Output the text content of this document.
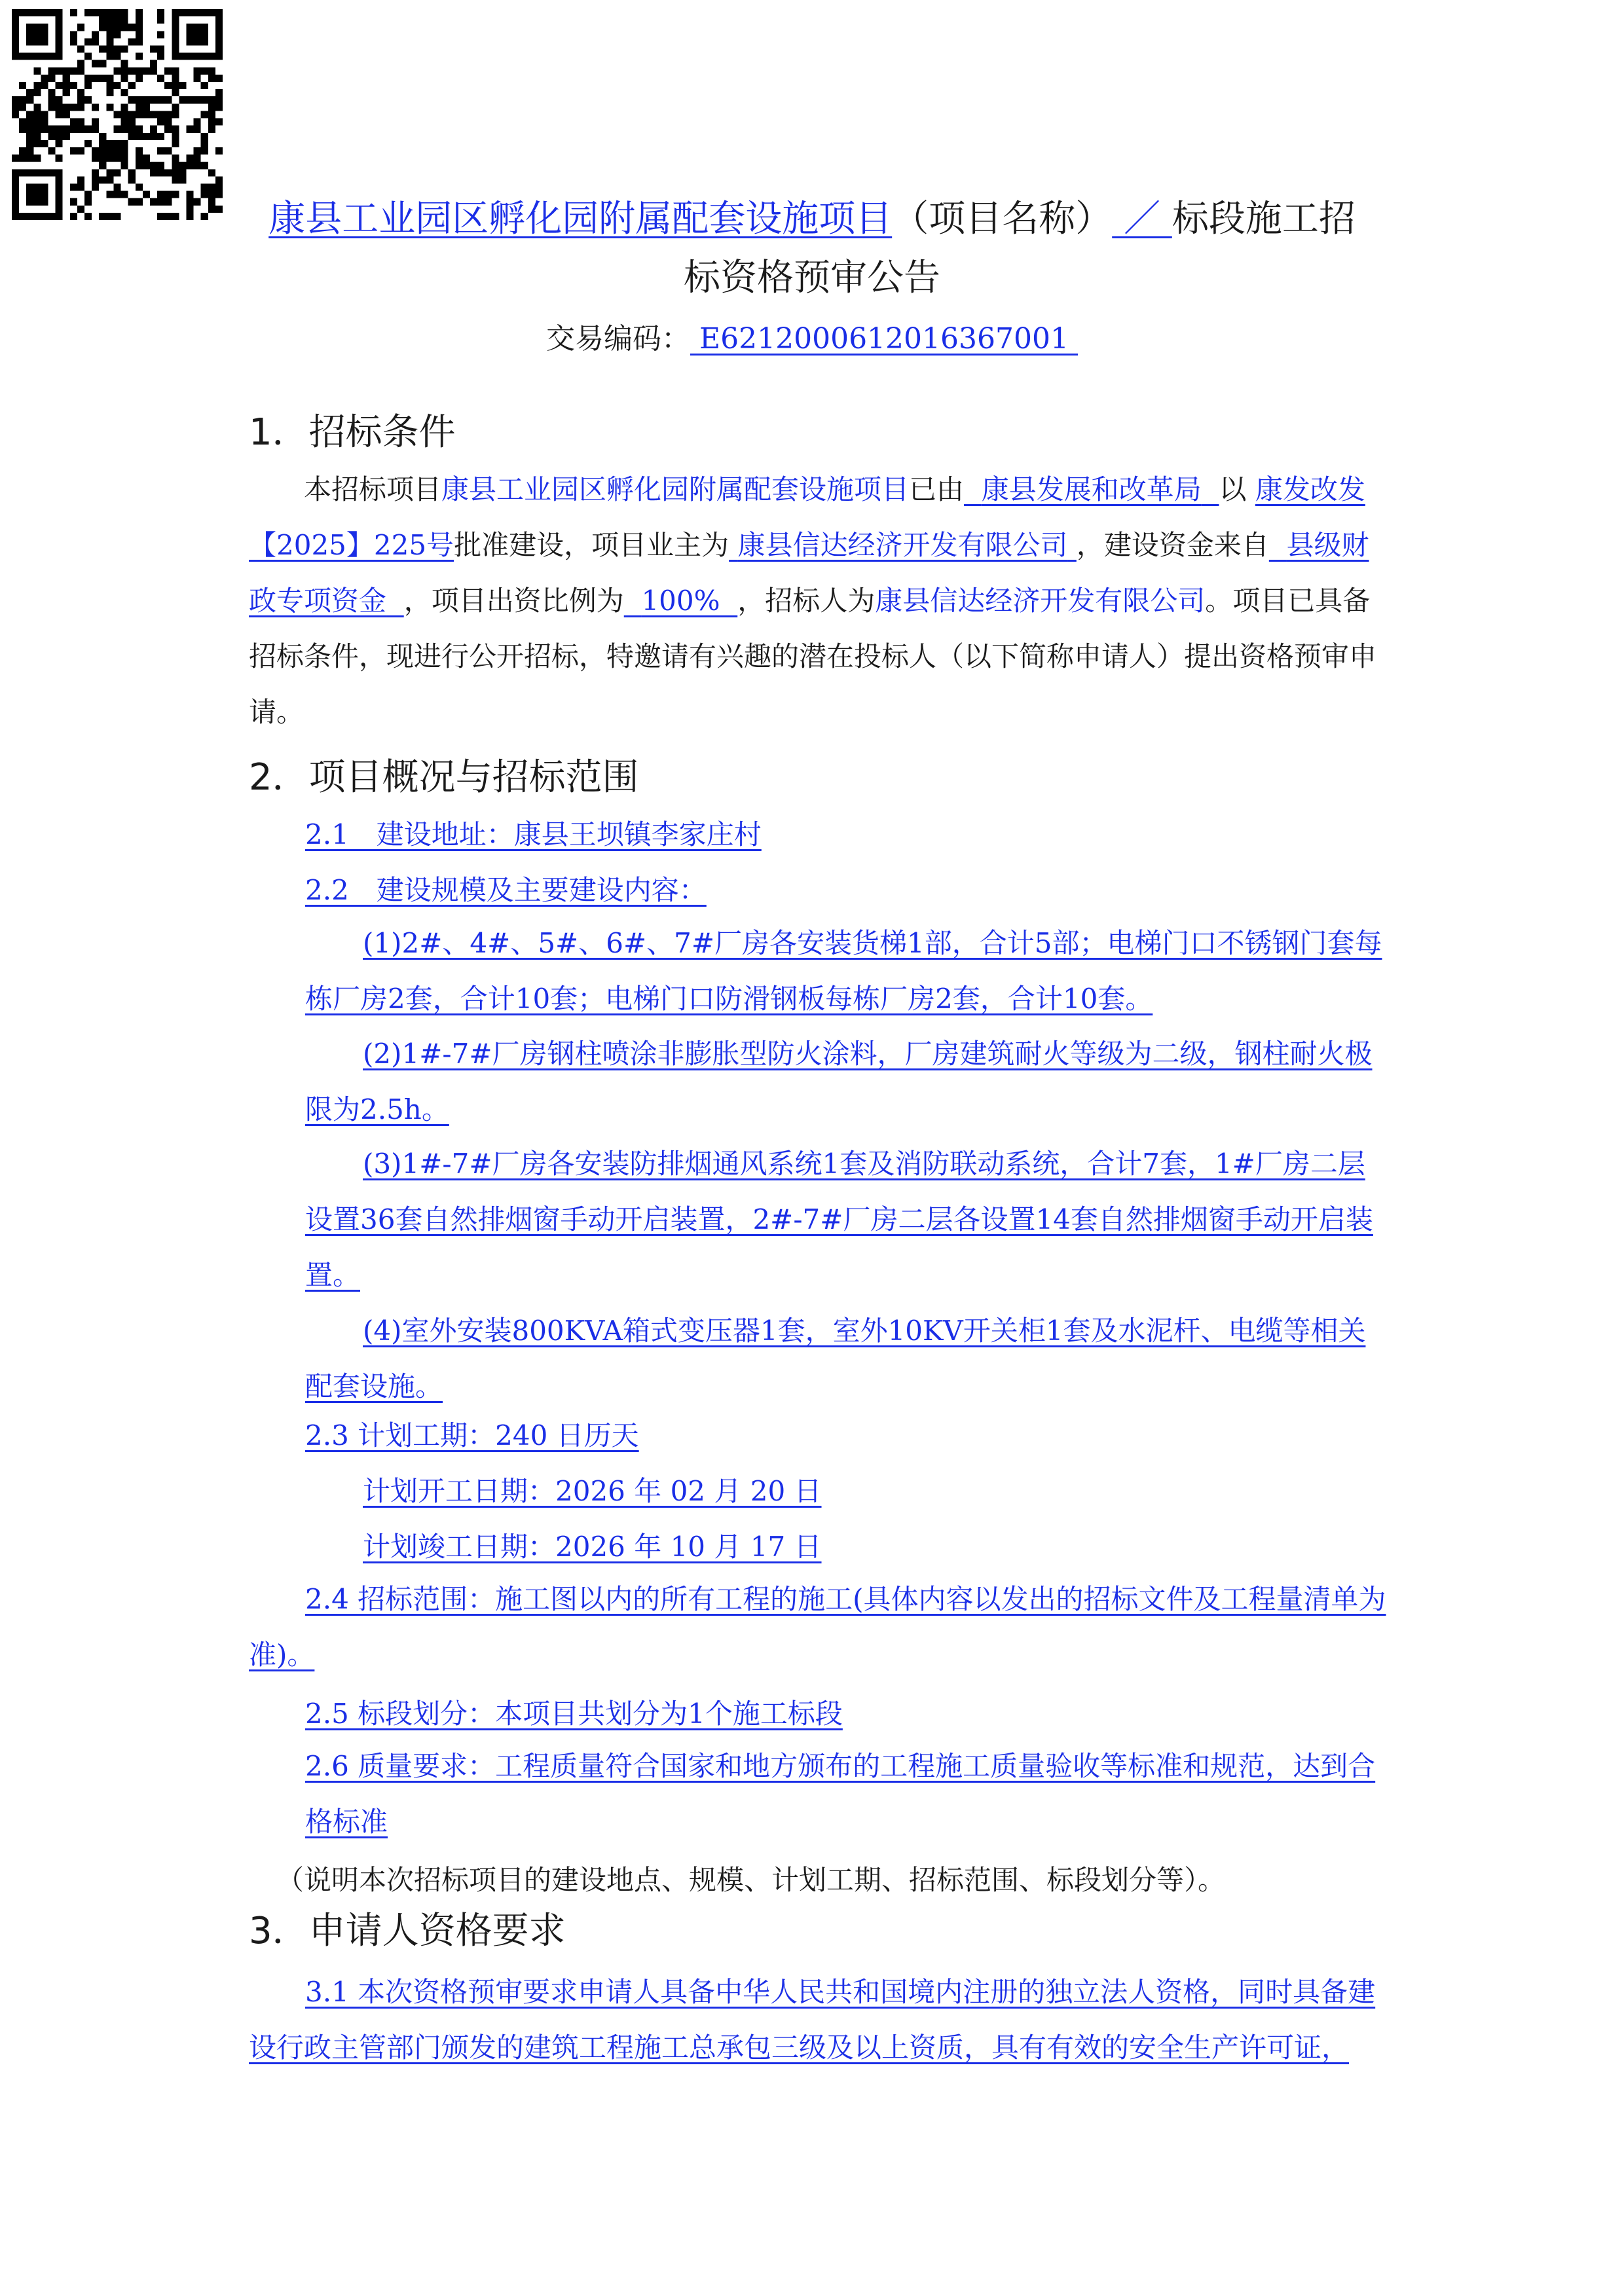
康县工业园区孵化园附属配套设施项目（项目名称） ／ 标段施工招
标资格预审公告
交易编码： E6212000612016367001
1．招标条件

本招标项目康县工业园区孵化园附属配套设施项目已由 康县发展和改革局 以 康发改发【2025】225号批准建设，项目业主为 康县信达经济开发有限公司 ，建设资金来自 县级财政专项资金 ，项目出资比例为 100% ，招标人为康县信达经济开发有限公司。项目已具备招标条件，现进行公开招标，特邀请有兴趣的潜在投标人（以下简称申请人）提出资格预审申请。

2．项目概况与招标范围
2.1　建设地址：康县王坝镇李家庄村
2.2　建设规模及主要建设内容：

(1)2#、4#、5#、6#、7#厂房各安装货梯1部，合计5部；电梯门口不锈钢门套每栋厂房2套，合计10套；电梯门口防滑钢板每栋厂房2套，合计10套。

(2)1#-7#厂房钢柱喷涂非膨胀型防火涂料，厂房建筑耐火等级为二级，钢柱耐火极限为2.5h。

(3)1#-7#厂房各安装防排烟通风系统1套及消防联动系统，合计7套，1#厂房二层设置36套自然排烟窗手动开启装置，2#-7#厂房二层各设置14套自然排烟窗手动开启装置。

(4)室外安装800KVA箱式变压器1套，室外10KV开关柜1套及水泥杆、电缆等相关配套设施。

2.3 计划工期：240 日历天
计划开工日期：2026 年 02 月 20 日
计划竣工日期：2026 年 10 月 17 日

2.4 招标范围：施工图以内的所有工程的施工(具体内容以发出的招标文件及工程量清单为准)。

2.5 标段划分：本项目共划分为1个施工标段

2.6 质量要求：工程质量符合国家和地方颁布的工程施工质量验收等标准和规范，达到合格标准

（说明本次招标项目的建设地点、规模、计划工期、招标范围、标段划分等）。
3．申请人资格要求

3.1 本次资格预审要求申请人具备中华人民共和国境内注册的独立法人资格，同时具备建设行政主管部门颁发的建筑工程施工总承包三级及以上资质，具有有效的安全生产许可证，
